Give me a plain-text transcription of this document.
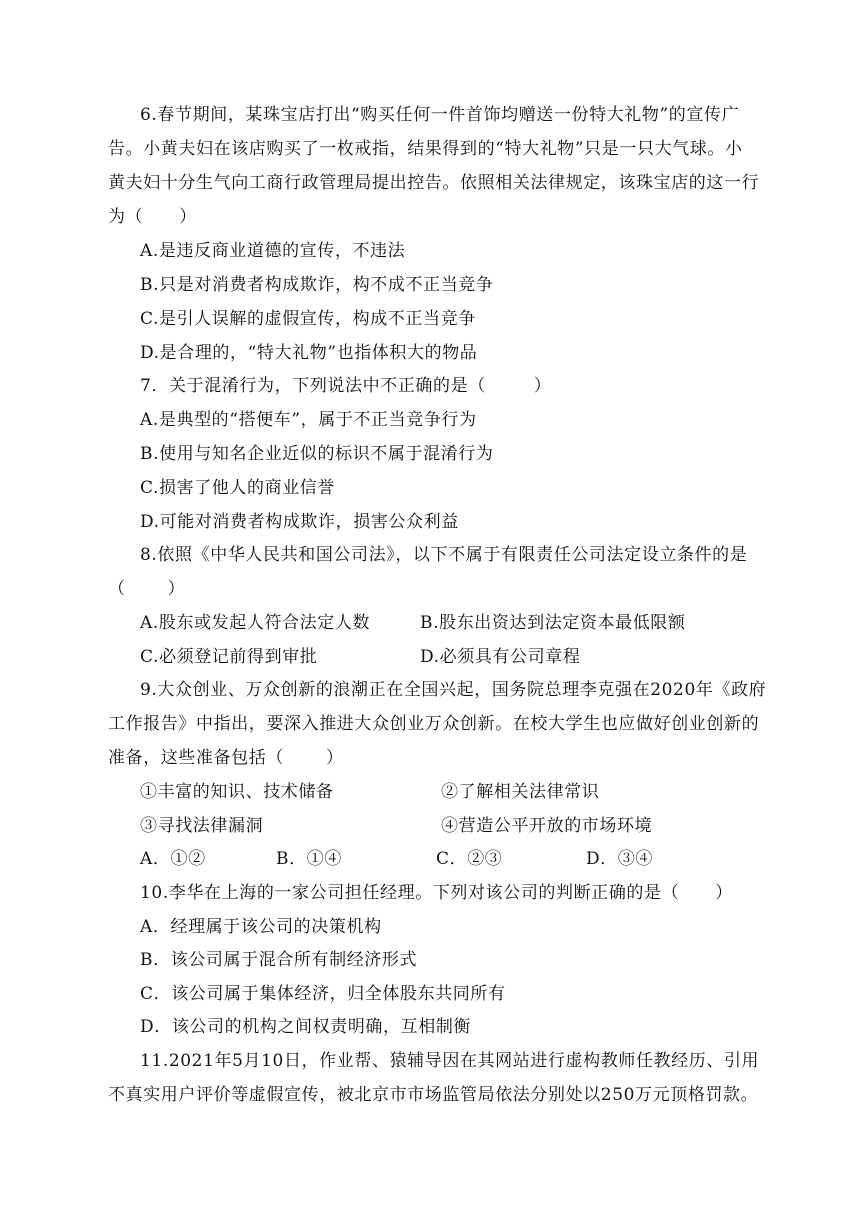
6.春节期间，某珠宝店打出“购买任何一件首饰均赠送一份特大礼物”的宣传广
告。小黄夫妇在该店购买了一枚戒指，结果得到的“特大礼物”只是一只大气球。小
黄夫妇十分生气向工商行政管理局提出控告。依照相关法律规定，该珠宝店的这一行
为（      ）
A.是违反商业道德的宣传，不违法
B.只是对消费者构成欺诈，构不成不正当竞争
C.是引人误解的虚假宣传，构成不正当竞争
D.是合理的，“特大礼物”也指体积大的物品
7．关于混淆行为，下列说法中不正确的是（        ）
A.是典型的“搭便车”，属于不正当竞争行为
B.使用与知名企业近似的标识不属于混淆行为
C.损害了他人的商业信誉
D.可能对消费者构成欺诈，损害公众利益
8.依照《中华人民共和国公司法》，以下不属于有限责任公司法定设立条件的是
（       ）
A.股东或发起人符合法定人数	B.股东出资达到法定资本最低限额
C.必须登记前得到审批	D.必须具有公司章程
9.大众创业、万众创新的浪潮正在全国兴起，国务院总理李克强在2020年《政府
工作报告》中指出，要深入推进大众创业万众创新。在校大学生也应做好创业创新的
准备，这些准备包括（       ）
①丰富的知识、技术储备	②了解相关法律常识
③寻找法律漏洞	④营造公平开放的市场环境
A．①②	B．①④	C．②③	D．③④
10.李华在上海的一家公司担任经理。下列对该公司的判断正确的是（      ）
A．经理属于该公司的决策机构
B．该公司属于混合所有制经济形式
C．该公司属于集体经济，归全体股东共同所有
D．该公司的机构之间权责明确，互相制衡
11.2021年5月10日，作业帮、猿辅导因在其网站进行虚构教师任教经历、引用
不真实用户评价等虚假宣传，被北京市市场监管局依法分别处以250万元顶格罚款。
